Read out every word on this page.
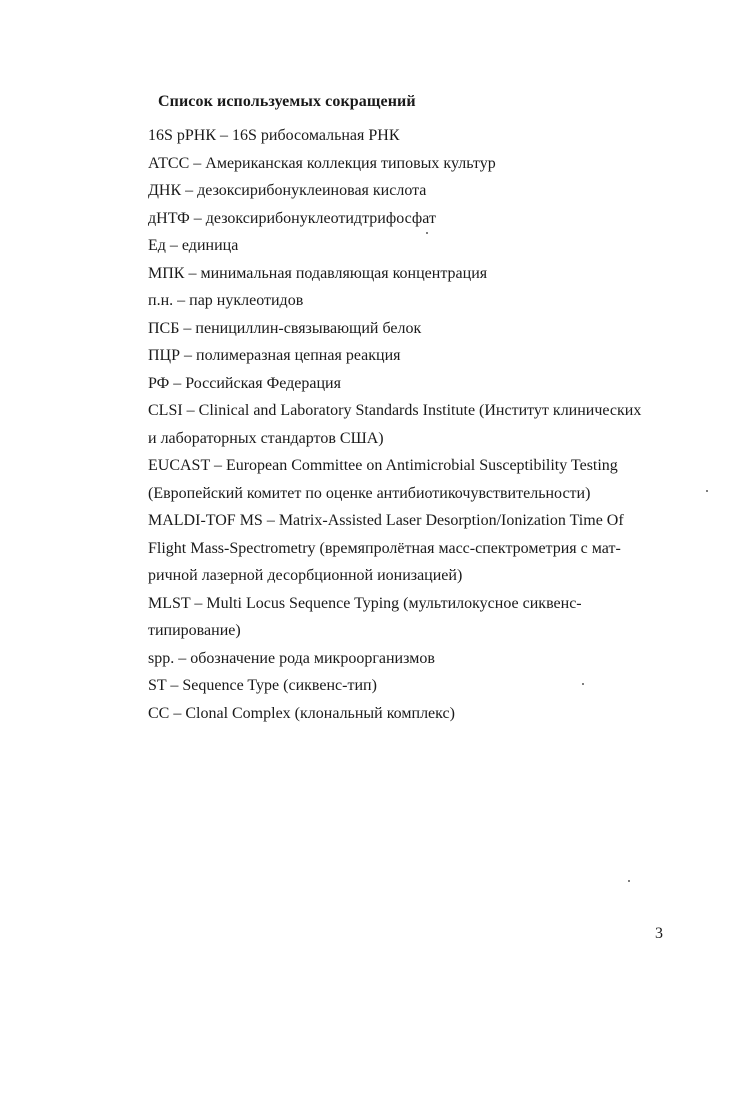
Список используемых сокращений
16S рРНК – 16S рибосомальная РНК
АТСС – Американская коллекция типовых культур
ДНК – дезоксирибонуклеиновая кислота
дНТФ – дезоксирибонуклеотидтрифосфат
Ед – единица
МПК – минимальная подавляющая концентрация
п.н. – пар нуклеотидов
ПСБ – пенициллин-связывающий белок
ПЦР – полимеразная цепная реакция
РФ – Российская Федерация
CLSI – Clinical and Laboratory Standards Institute (Институт клинических
и лабораторных стандартов США)
EUCAST – European Committee on Antimicrobial Susceptibility Testing
(Европейский комитет по оценке антибиотикочувствительности)
MALDI-TOF MS – Matrix-Assisted Laser Desorption/Ionization Time Of
Flight Mass-Spectrometry (времяпролётная масс-спектрометрия с мат-
ричной лазерной десорбционной ионизацией)
MLST – Multi Locus Sequence Typing (мультилокусное сиквенс-
типирование)
spp. – обозначение рода микроорганизмов
ST – Sequence Type (сиквенс-тип)
CC – Clonal Complex (клональный комплекс)
3
